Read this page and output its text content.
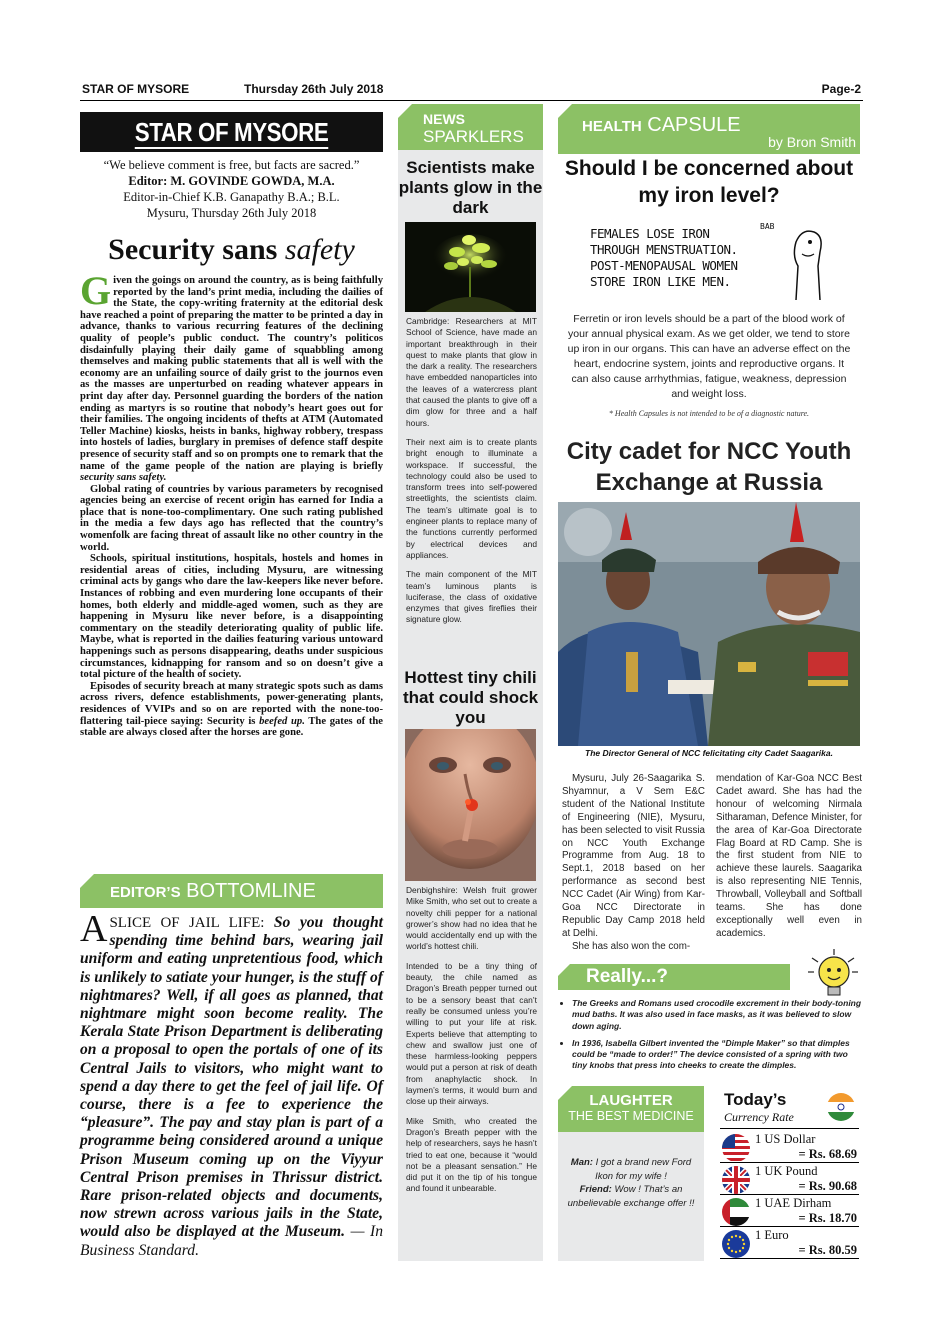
STAR OF MYSORE	Thursday 26th July 2018	Page-2
STAR OF MYSORE
“We believe comment is free, but facts are sacred.”
Editor: M. GOVINDE GOWDA, M.A.
Editor-in-Chief K.B. Ganapathy B.A.; B.L.
Mysuru, Thursday 26th July 2018
Security sans safety

Given the goings on around the country, as is being faithfully reported by the land’s print media, including the dailies of the State, the copy-writing fraternity at the editorial desk have reached a point of preparing the matter to be printed a day in advance, thanks to various recurring features of the declining quality of people’s public conduct. The country’s politicos disdainfully playing their daily game of squabbling among themselves and making public statements that all is well with the economy are an unfailing source of daily grist to the journos even as the masses are unperturbed on reading whatever appears in print day after day. Personnel guarding the borders of the nation ending as martyrs is so routine that nobody’s heart goes out for their families. The ongoing incidents of thefts at ATM (Automated Teller Machine) kiosks, heists in banks, highway robbery, trespass into hostels of ladies, burglary in premises of defence staff despite presence of security staff and so on prompts one to remark that the name of the game people of the nation are playing is briefly security sans safety.

Global rating of countries by various parameters by recognised agencies being an exercise of recent origin has earned for India a place that is none-too-complimentary. One such rating published in the media a few days ago has reflected that the country’s womenfolk are facing threat of assault like no other country in the world.

Schools, spiritual institutions, hospitals, hostels and homes in residential areas of cities, including Mysuru, are witnessing criminal acts by gangs who dare the law-keepers like never before. Instances of robbing and even murdering lone occupants of their homes, both elderly and middle-aged women, such as they are happening in Mysuru like never before, is a disappointing commentary on the steadily deteriorating quality of public life. Maybe, what is reported in the dailies featuring various untoward happenings such as persons disappearing, deaths under suspicious circumstances, kidnapping for ransom and so on doesn’t give a total picture of the health of society.

Episodes of security breach at many strategic spots such as dams across rivers, defence establishments, power-generating plants, residences of VVIPs and so on are reported with the none-too-flattering tail-piece saying: Security is beefed up. The gates of the stable are always closed after the horses are gone.

EDITOR’S BOTTOMLINE
ASLICE OF JAIL LIFE: So you thought spending time behind bars, wearing jail uniform and eating unpretentious food, which is unlikely to satiate your hunger, is the stuff of nightmares? Well, if all goes as planned, that nightmare might soon become reality. The Kerala State Prison Department is deliberating on a proposal to open the portals of one of its Central Jails to visitors, who might want to spend a day there to get the feel of jail life. Of course, there is a fee to experience the “pleasure”. The pay and stay plan is part of a programme being considered around a unique Prison Museum coming up on the Viyyur Central Prison premises in Thrissur district. Rare prison-related objects and documents, now strewn across various jails in the State, would also be displayed at the Museum. — In Business Standard.
NEWS
SPARKLERS
Scientists make plants glow in the dark

Cambridge: Researchers at MIT School of Science, have made an important breakthrough in their quest to make plants that glow in the dark a reality. The researchers have embedded nanoparticles into the leaves of a watercress plant that caused the plants to give off a dim glow for three and a half hours.

Their next aim is to create plants bright enough to illuminate a workspace. If successful, the technology could also be used to transform trees into self-powered streetlights, the scientists claim. The team’s ultimate goal is to engineer plants to replace many of the functions currently performed by electrical devices and appliances.

The main component of the MIT team’s luminous plants is luciferase, the class of oxidative enzymes that gives fireflies their signature glow.

Hottest tiny chili that could shock you

Denbighshire: Welsh fruit grower Mike Smith, who set out to create a novelty chili pepper for a national grower’s show had no idea that he would accidentally end up with the world’s hottest chili.

Intended to be a tiny thing of beauty, the chile named as Dragon’s Breath pepper turned out to be a sensory beast that can’t really be consumed unless you’re willing to put your life at risk. Experts believe that attempting to chew and swallow just one of these harmless-looking peppers would put a person at risk of death from anaphylactic shock. In laymen’s terms, it would burn and close up their airways.

Mike Smith, who created the Dragon’s Breath pepper with the help of researchers, says he hasn’t tried to eat one, because it “would not be a pleasant sensation.” He did put it on the tip of his tongue and found it unbearable.

HEALTH CAPSULE
by Bron Smith
Should I be concerned about my iron level?
FEMALES LOSE IRON
THROUGH MENSTRUATION.
POST-MENOPAUSAL WOMEN
STORE IRON LIKE MEN.
BAB
Ferretin or iron levels should be a part of the blood work of your annual physical exam. As we get older, we tend to store up iron in our organs. This can have an adverse effect on the heart, endocrine system, joints and reproductive organs. It can also cause arrhythmias, fatigue, weakness, depression and weight loss.
* Health Capsules is not intended to be of a diagnostic nature.
City cadet for NCC Youth Exchange at Russia
The Director General of NCC felicitating city Cadet Saagarika.

Mysuru, July 26-Saagarika S. Shyamnur, a V Sem E&C student of the National Institute of Engineering (NIE), Mysuru, has been selected to visit Russia on NCC Youth Exchange Programme from Aug. 18 to Sept.1, 2018 based on her performance as second best NCC Cadet (Air Wing) from Kar-Goa NCC Directorate in Republic Day Camp 2018 held at Delhi.

She has also won the com-

mendation of Kar-Goa NCC Best Cadet award. She has had the honour of welcoming Nirmala Sitharaman, Defence Minister, for the area of Kar-Goa Directorate Flag Board at RD Camp. She is the first student from NIE to achieve these laurels. Saagarika is also representing NIE Tennis, Throwball, Volleyball and Softball teams. She has done exceptionally well even in academics.

Really...?
• The Greeks and Romans used crocodile excrement in their body-toning mud baths. It was also used in face masks, as it was believed to slow down aging.
• In 1936, Isabella Gilbert invented the “Dimple Maker” so that dimples could be “made to order!” The device consisted of a spring with two tiny knobs that press into cheeks to create the dimples.
LAUGHTER
THE BEST MEDICINE
Man: I got a brand new Ford Ikon for my wife !
Friend: Wow ! That’s an unbelievable exchange offer !!
Today’s
Currency Rate
1 US Dollar
= Rs. 68.69
1 UK Pound
= Rs. 90.68
1 UAE Dirham
= Rs. 18.70
1 Euro
= Rs. 80.59
